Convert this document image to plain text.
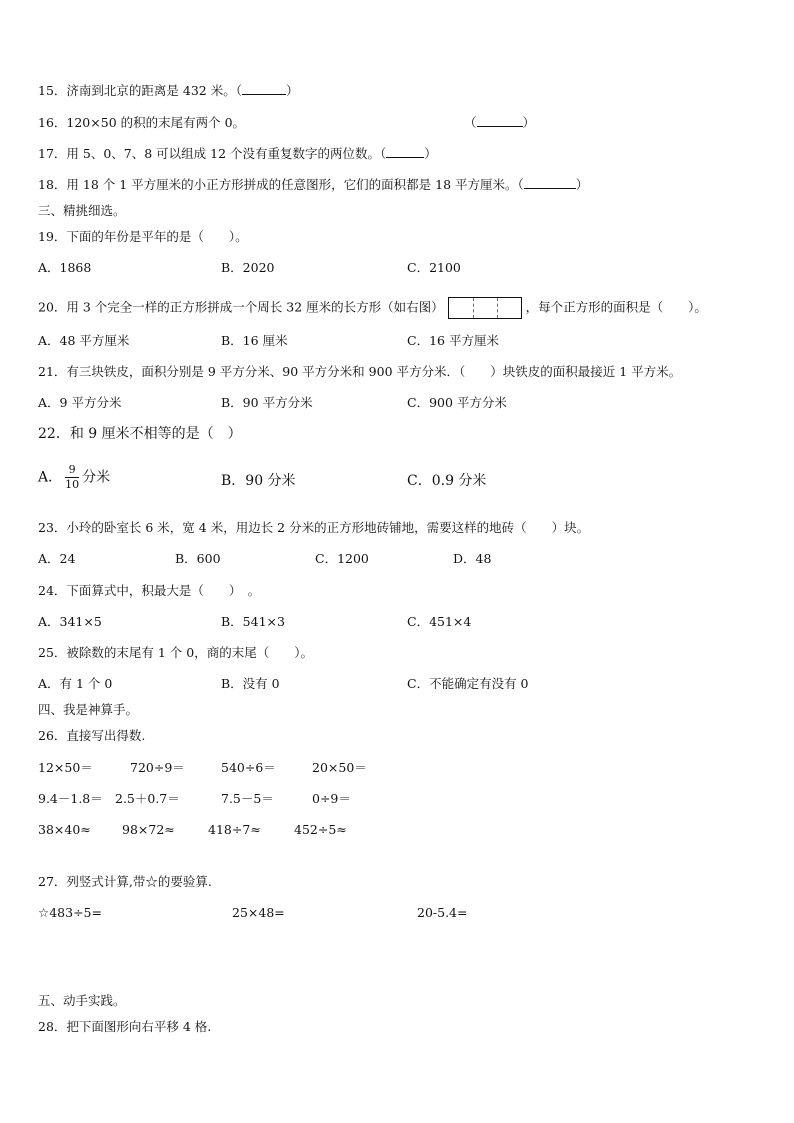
15．济南到北京的距离是 432 米。（	）
16．120×50 的积的末尾有两个 0。	（	）
17．用 5、0、7、8 可以组成 12 个没有重复数字的两位数。（	）
18．用 18 个 1 平方厘米的小正方形拼成的任意图形，它们的面积都是 18 平方厘米。（	）
三、精挑细选。
19．下面的年份是平年的是（　　）。
A．1868	B．2020	C．2100
20．用 3 个完全一样的正方形拼成一个周长 32 厘米的长方形（如右图）	，每个正方形的面积是（　　）。
A．48 平方厘米	B．16 厘米	C．16 平方厘米
21．有三块铁皮，面积分别是 9 平方分米、90 平方分米和 900 平方分米．（　　）块铁皮的面积最接近 1 平方米。
A．9 平方分米	B．90 平方分米	C．900 平方分米
22．和 9 厘米不相等的是（　）
A． $\frac{9}{10}$ 分米	B．90 分米	C．0.9 分米
23．小玲的卧室长 6 米，宽 4 米，用边长 2 分米的正方形地砖铺地，需要这样的地砖（　　）块。
A．24	B．600	C．1200	D．48
24．下面算式中，积最大是（　　）　。
A．341×5	B．541×3	C．451×4
25．被除数的末尾有 1 个 0，商的末尾（　　）。
A．有 1 个 0	B．没有 0	C．不能确定有没有 0
四、我是神算手。
26．直接写出得数.
12×50＝	720÷9＝	540÷6＝	20×50＝
9.4－1.8＝ 2.5＋0.7＝	7.5－5＝	0÷9＝
38×40≈ 98×72≈	418÷7≈	452÷5≈
27．列竖式计算,带☆的要验算.
☆483÷5=	25×48=	20-5.4=
五、动手实践。
28．把下面图形向右平移 4 格.
